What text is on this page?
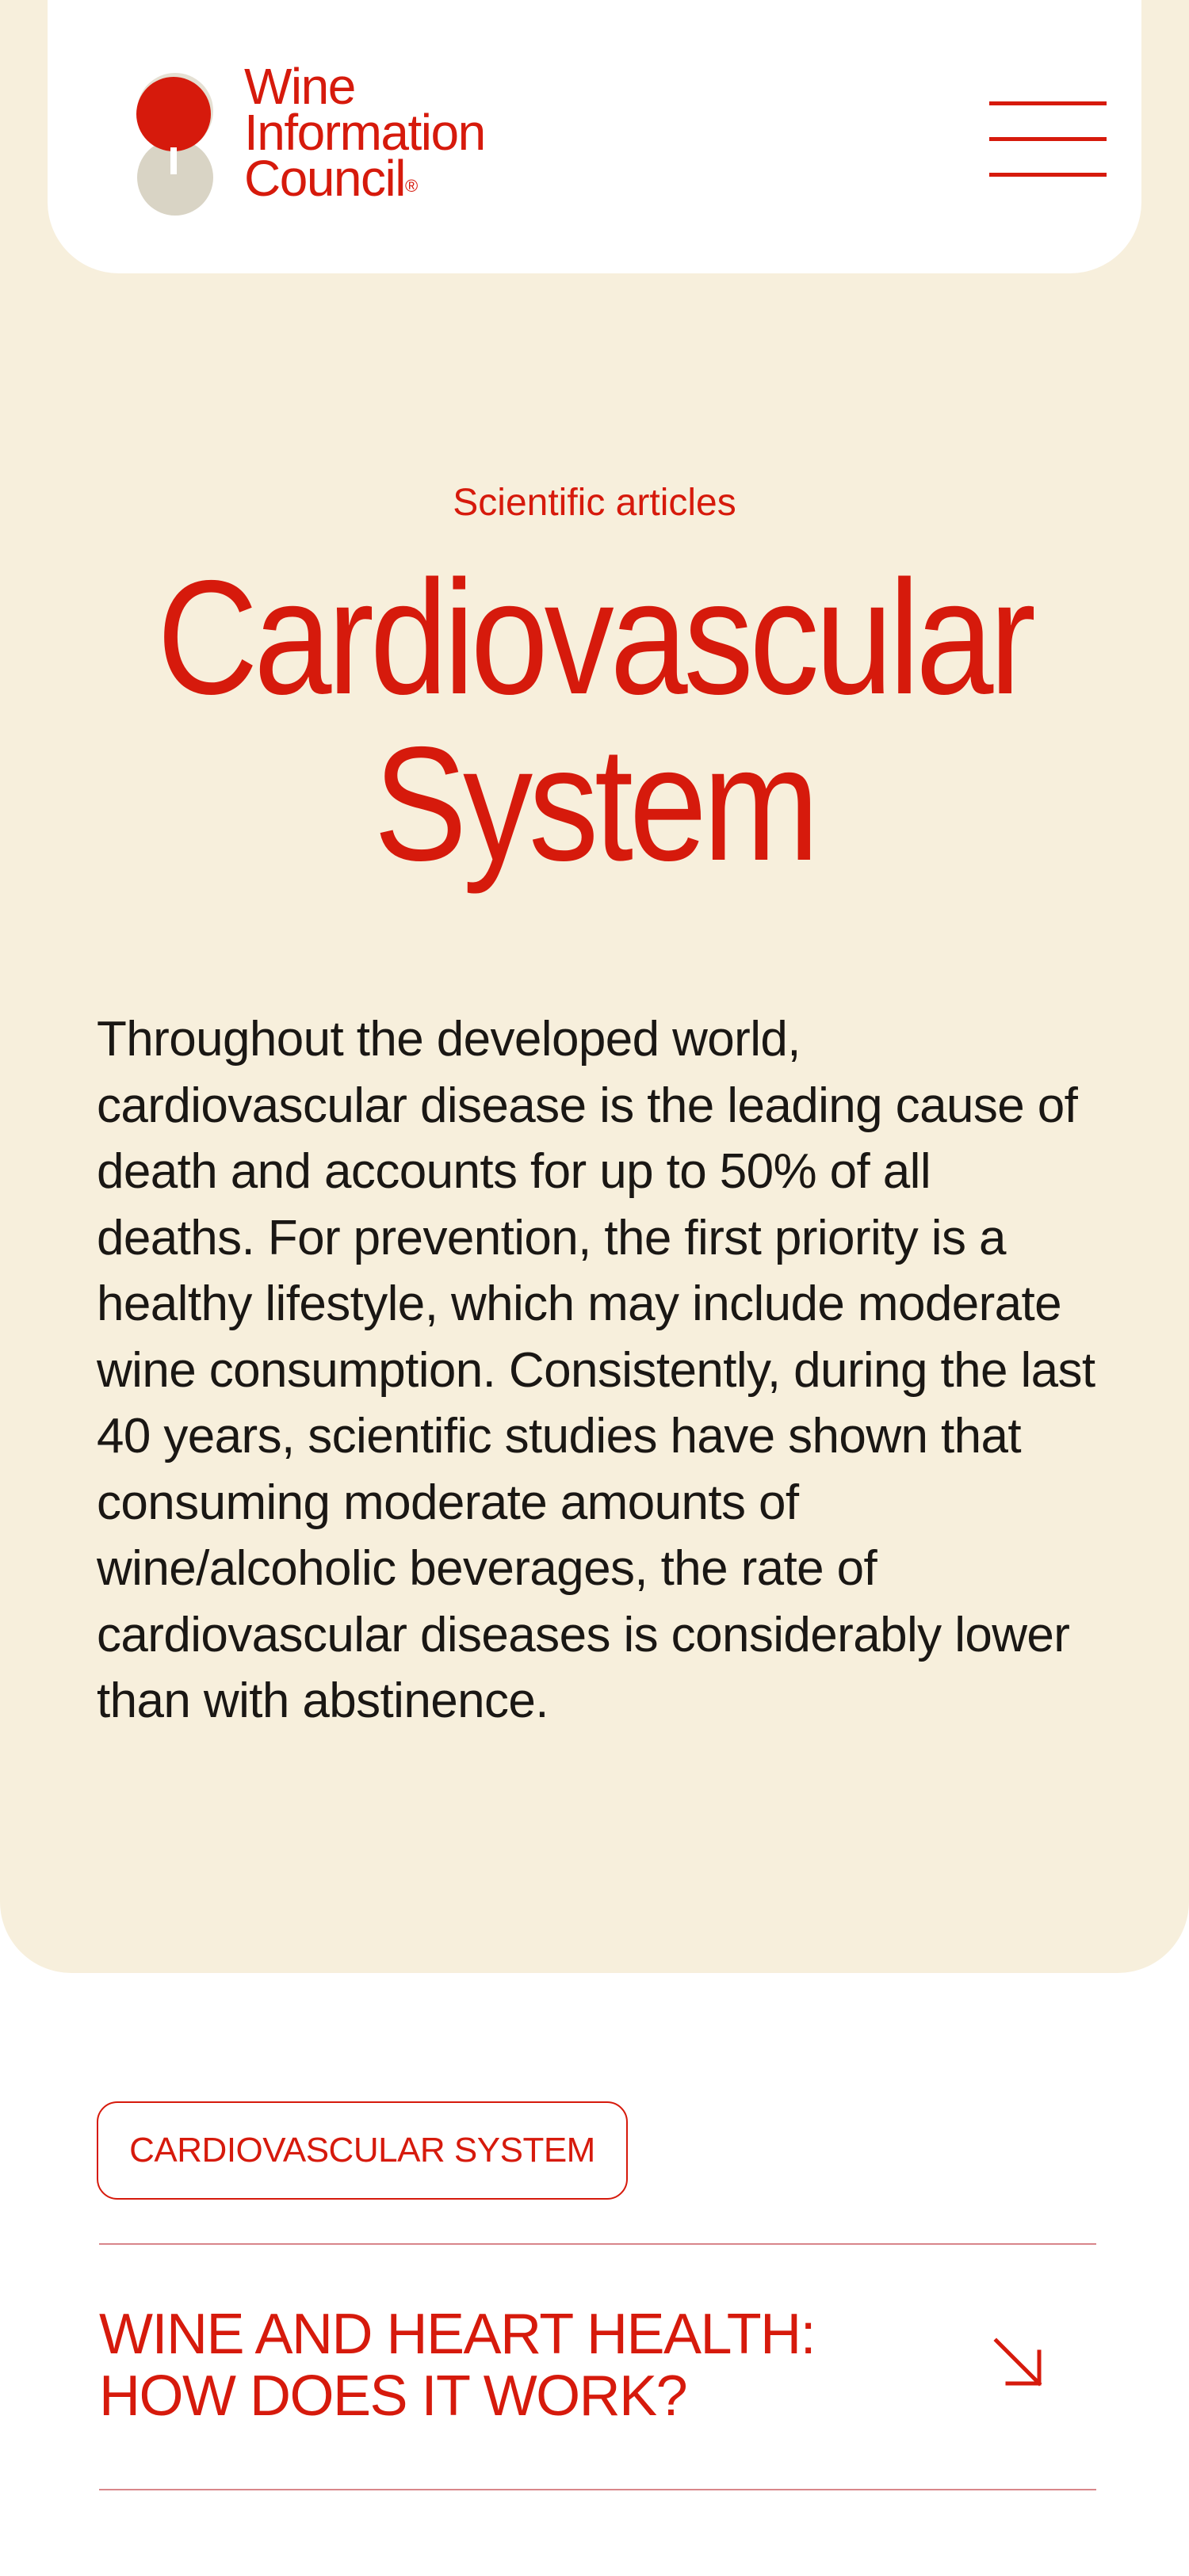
Wine
Information
Council®
Scientific articles
Cardiovascular
System

Throughout the developed world, cardiovascular disease is the leading cause of death and accounts for up to 50% of all deaths. For prevention, the first priority is a healthy lifestyle, which may include moderate wine consumption. Consistently, during the last 40 years, scientific studies have shown that consuming moderate amounts of wine/alcoholic beverages, the rate of cardiovascular diseases is considerably lower than with abstinence.

CARDIOVASCULAR SYSTEM
WINE AND HEART HEALTH:
HOW DOES IT WORK?
